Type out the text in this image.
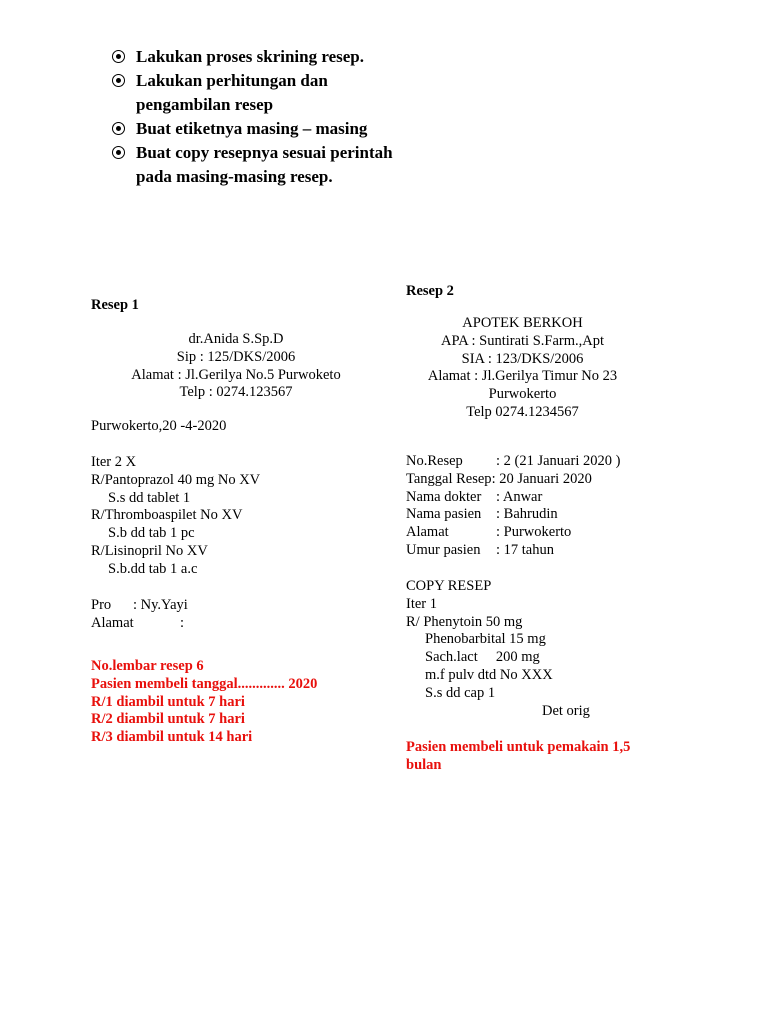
Lakukan proses skrining resep.
Lakukan perhitungan dan pengambilan resep
Buat etiketnya masing – masing
Buat copy resepnya sesuai perintah pada masing-masing resep.
Resep 1
dr.Anida S.Sp.D
Sip : 125/DKS/2006
Alamat : Jl.Gerilya No.5 Purwoketo
Telp : 0274.123567
Purwokerto,20 -4-2020
Iter 2 X
R/Pantoprazol 40 mg No XV
S.s dd tablet 1
R/Thromboaspilet No XV
S.b dd tab 1 pc
R/Lisinopril No XV
S.b.dd tab 1 a.c
Pro	: Ny.Yayi
Alamat	:
No.lembar resep 6
Pasien membeli tanggal............. 2020
R/1 diambil untuk 7 hari
R/2 diambil untuk 7 hari
R/3 diambil untuk 14 hari
Resep 2
APOTEK BERKOH
APA : Suntirati S.Farm.,Apt
SIA : 123/DKS/2006
Alamat : Jl.Gerilya Timur No 23
Purwokerto
Telp 0274.1234567
No.Resep	: 2 (21 Januari 2020 )
Tanggal Resep : 20 Januari 2020
Nama dokter	: Anwar
Nama pasien	: Bahrudin
Alamat	: Purwokerto
Umur pasien	: 17 tahun
COPY RESEP
Iter 1
R/ Phenytoin 50 mg
Phenobarbital 15 mg
Sach.lact     200 mg
m.f pulv dtd No XXX
S.s dd cap 1
Det orig
Pasien membeli untuk pemakain 1,5 bulan
